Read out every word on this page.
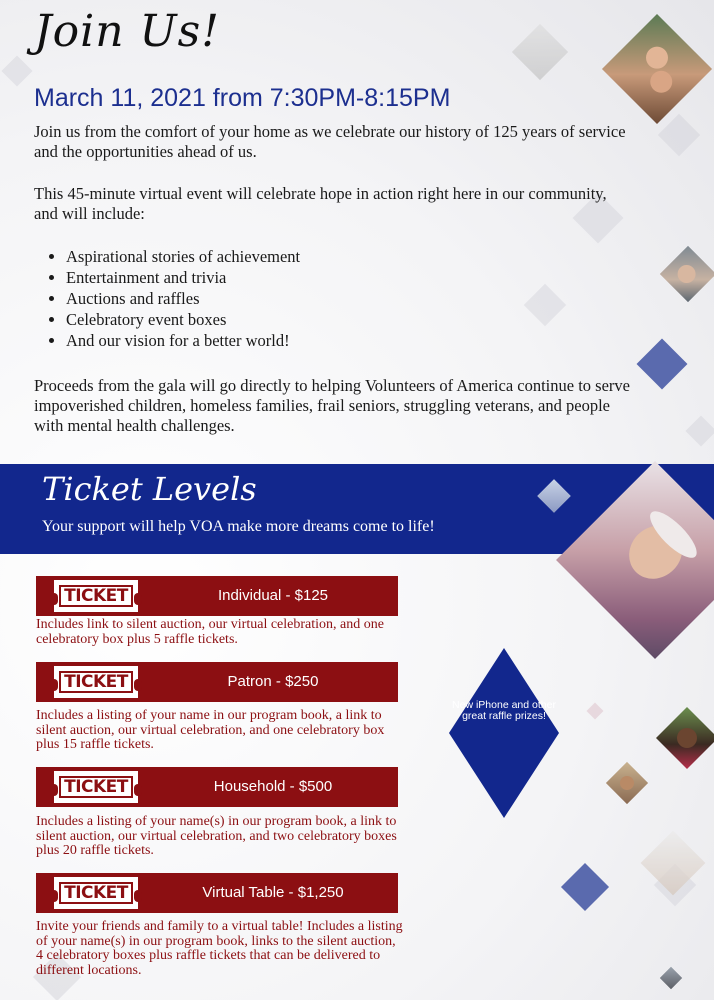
Join Us!
March 11, 2021 from 7:30PM-8:15PM
Join us from the comfort of your home as we celebrate our history of 125 years of service and the opportunities ahead of us.
This 45-minute virtual event will celebrate hope in action right here in our community, and will include:
• Aspirational stories of achievement
• Entertainment and trivia
• Auctions and raffles
• Celebratory event boxes
• And our vision for a better world!
Proceeds from the gala will go directly to helping Volunteers of America continue to serve impoverished children, homeless families, frail seniors, struggling veterans, and people with mental health challenges.
Ticket Levels
Your support will help VOA make more dreams come to life!
TICKET	Individual - $125
Includes link to silent auction, our virtual celebration, and one celebratory box plus 5 raffle tickets.
TICKET	Patron - $250
Includes a listing of your name in our program book, a link to silent auction, our virtual celebration, and one celebratory box plus 15 raffle tickets.
TICKET	Household - $500
Includes a listing of your name(s) in our program book, a link to silent auction, our virtual celebration, and two celebratory boxes plus 20 raffle tickets.
TICKET	Virtual Table - $1,250
Invite your friends and family to a virtual table! Includes a listing of your name(s) in our program book, links to the silent auction, 4 celebratory boxes plus raffle tickets that can be delivered to different locations.
New iPhone and other great raffle prizes!
